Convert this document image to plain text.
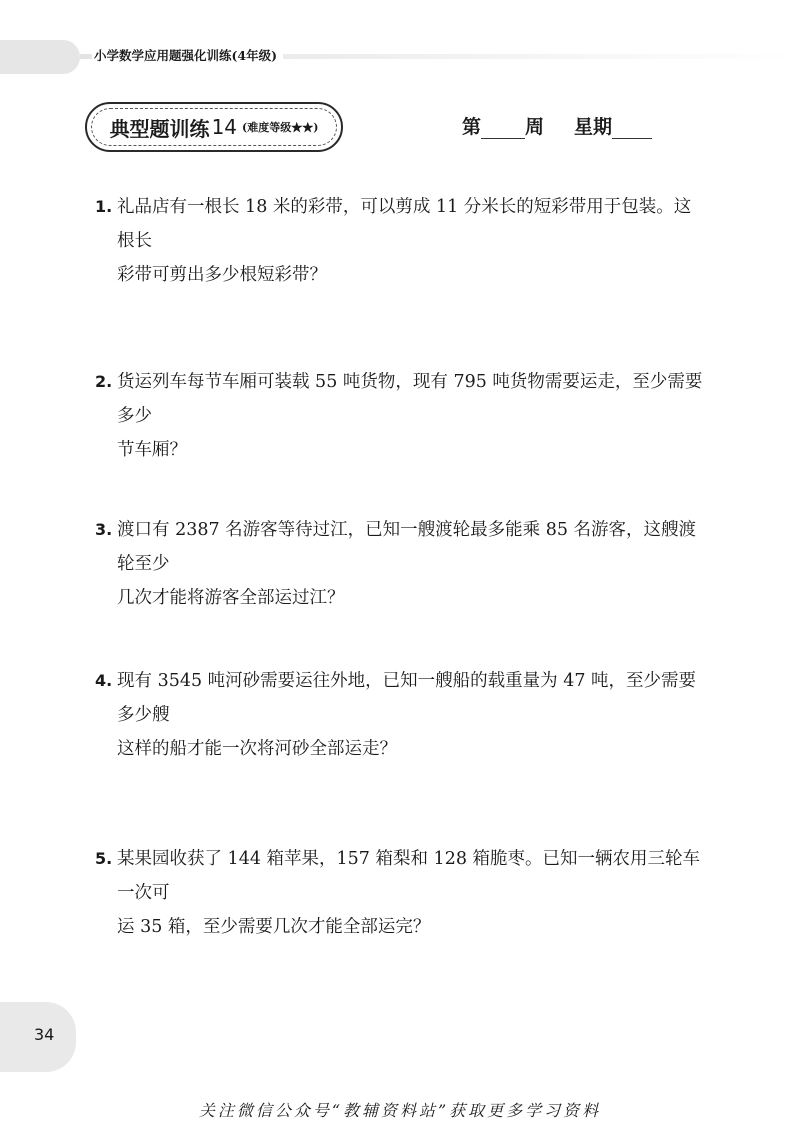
小学数学应用题强化训练(4年级)
典型题训练 14 (难度等级★★)	第 周 星期
1. 礼品店有一根长 18 米的彩带，可以剪成 11 分米长的短彩带用于包装。这根长
彩带可剪出多少根短彩带？
2. 货运列车每节车厢可装载 55 吨货物，现有 795 吨货物需要运走，至少需要多少
节车厢？
3. 渡口有 2387 名游客等待过江，已知一艘渡轮最多能乘 85 名游客，这艘渡轮至少
几次才能将游客全部运过江？
4. 现有 3545 吨河砂需要运往外地，已知一艘船的载重量为 47 吨，至少需要多少艘
这样的船才能一次将河砂全部运走？
5. 某果园收获了 144 箱苹果，157 箱梨和 128 箱脆枣。已知一辆农用三轮车一次可
运 35 箱，至少需要几次才能全部运完？
34
关注微信公众号“教辅资料站”获取更多学习资料
